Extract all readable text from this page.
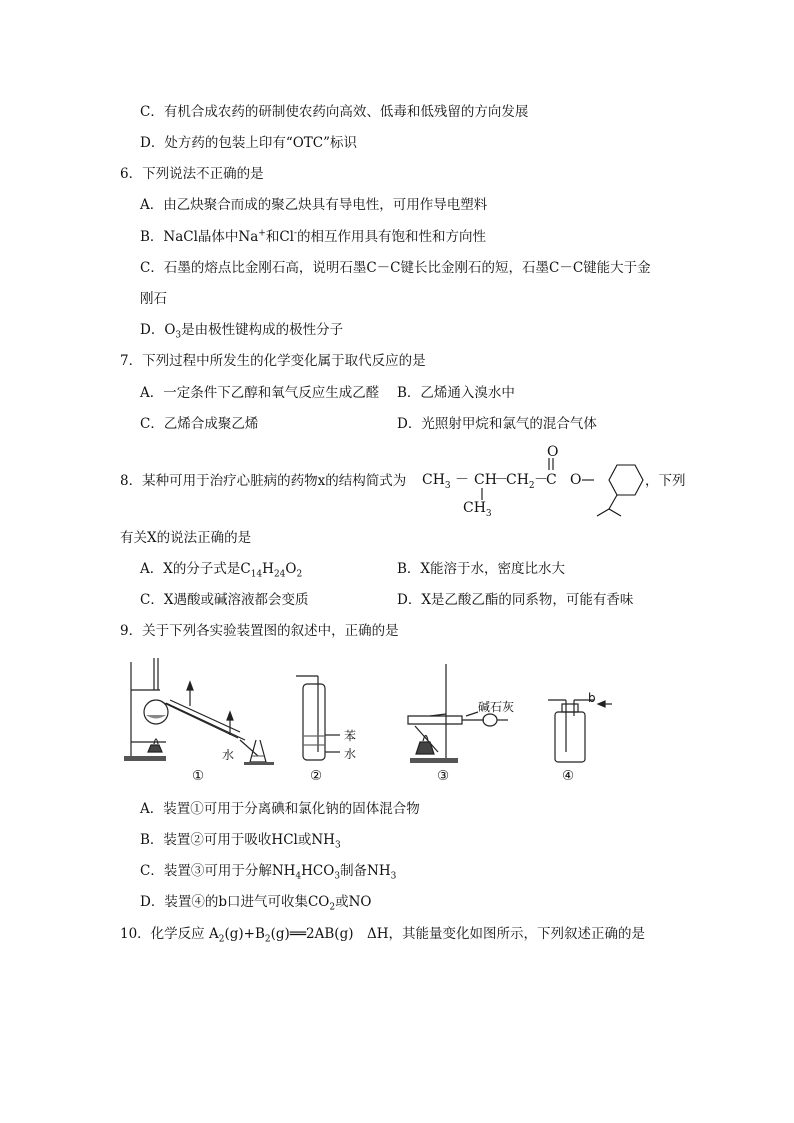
C．有机合成农药的研制使农药向高效、低毒和低残留的方向发展
D．处方药的包装上印有“OTC”标识
6．下列说法不正确的是
A．由乙炔聚合而成的聚乙炔具有导电性，可用作导电塑料
B．NaCl晶体中Na+和Cl-的相互作用具有饱和性和方向性
C．石墨的熔点比金刚石高，说明石墨C－C键长比金刚石的短，石墨C－C键能大于金
刚石
D．$O_3$是由极性键构成的极性分子
7．下列过程中所发生的化学变化属于取代反应的是
A．一定条件下乙醇和氧气反应生成乙醛 B．乙烯通入溴水中
C．乙烯合成聚乙烯	D．光照射甲烷和氯气的混合气体
8．某种可用于治疗心脏病的药物x的结构简式为 $CH_3$ － CH
－
$CH_2$ －
C
O
O
$CH_3$
，下列
有关X的说法正确的是
A．X的分子式是$C_{14}H_{24}O_2$	B．X能溶于水，密度比水大
C．X遇酸或碱溶液都会变质	D．X是乙酸乙酯的同系物，可能有香味
9．关于下列各实验装置图的叙述中，正确的是
水
苯
水
碱石灰
b
①	②	③	④
A．装置①可用于分离碘和氯化钠的固体混合物
B．装置②可用于吸收HCl或$NH_3$
C．装置③可用于分解$NH_4HCO_3$制备$NH_3$
D．装置④的b口进气可收集$CO_2$或NO
10．化学反应 $A_2(g)+B_2(g)══2AB(g)$　ΔH，其能量变化如图所示，下列叙述正确的是
